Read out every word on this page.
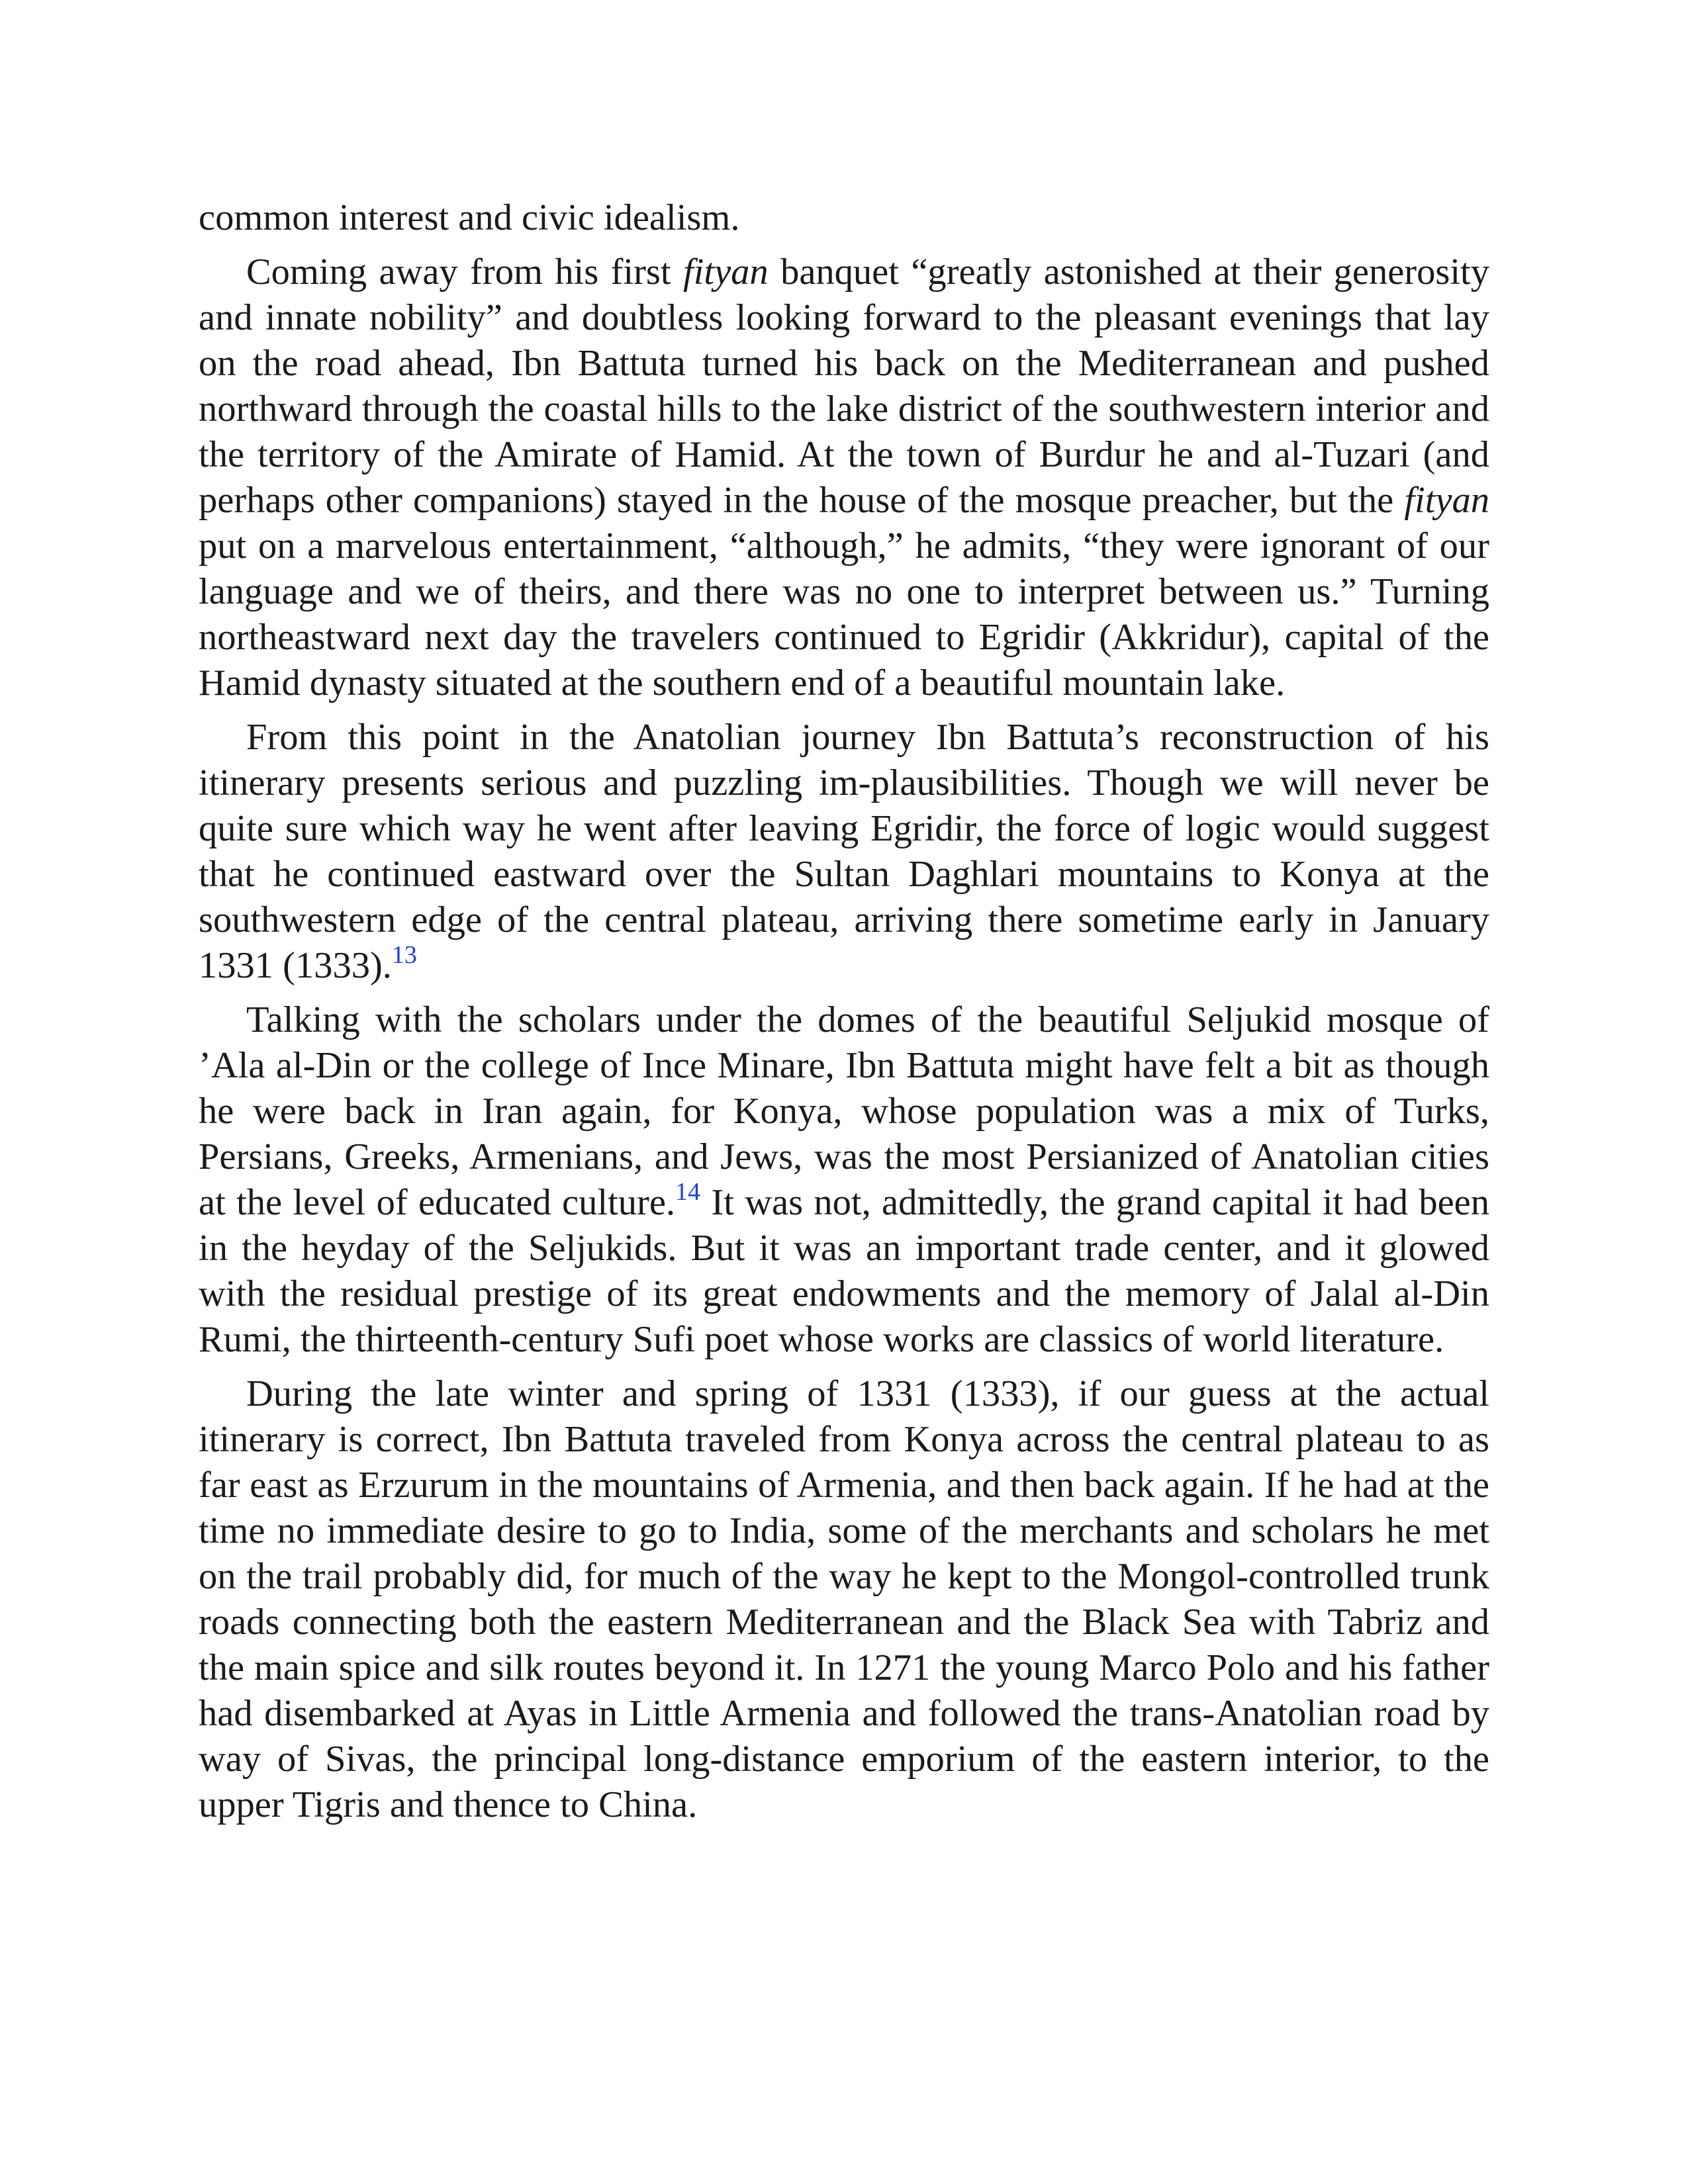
common interest and civic idealism.

Coming away from his first fityan banquet “greatly astonished at their generosity and innate nobility” and doubtless looking forward to the pleasant evenings that lay on the road ahead, Ibn Battuta turned his back on the Mediterranean and pushed northward through the coastal hills to the lake district of the southwestern interior and the territory of the Amirate of Hamid. At the town of Burdur he and al-Tuzari (and perhaps other companions) stayed in the house of the mosque preacher, but the fityan put on a marvelous entertainment, “although,” he admits, “they were ignorant of our language and we of theirs, and there was no one to interpret between us.” Turning northeastward next day the travelers continued to Egridir (Akkridur), capital of the Hamid dynasty situated at the southern end of a beautiful mountain lake.

From this point in the Anatolian journey Ibn Battuta’s reconstruction of his itinerary presents serious and puzzling im-plausibilities. Though we will never be quite sure which way he went after leaving Egridir, the force of logic would suggest that he continued eastward over the Sultan Daghlari mountains to Konya at the southwestern edge of the central plateau, arriving there sometime early in January 1331 (1333).$^{13}$

Talking with the scholars under the domes of the beautiful Seljukid mosque of ’Ala al-Din or the college of Ince Minare, Ibn Battuta might have felt a bit as though he were back in Iran again, for Konya, whose population was a mix of Turks, Persians, Greeks, Armenians, and Jews, was the most Persianized of Anatolian cities at the level of educated culture.$^{14}$ It was not, admittedly, the grand capital it had been in the heyday of the Seljukids. But it was an important trade center, and it glowed with the residual prestige of its great endowments and the memory of Jalal al-Din Rumi, the thirteenth-century Sufi poet whose works are classics of world literature.

During the late winter and spring of 1331 (1333), if our guess at the actual itinerary is correct, Ibn Battuta traveled from Konya across the central plateau to as far east as Erzurum in the mountains of Armenia, and then back again. If he had at the time no immediate desire to go to India, some of the merchants and scholars he met on the trail probably did, for much of the way he kept to the Mongol-controlled trunk roads connecting both the eastern Mediterranean and the Black Sea with Tabriz and the main spice and silk routes beyond it. In 1271 the young Marco Polo and his father had disembarked at Ayas in Little Armenia and followed the trans-Anatolian road by way of Sivas, the principal long-distance emporium of the eastern interior, to the upper Tigris and thence to China.
